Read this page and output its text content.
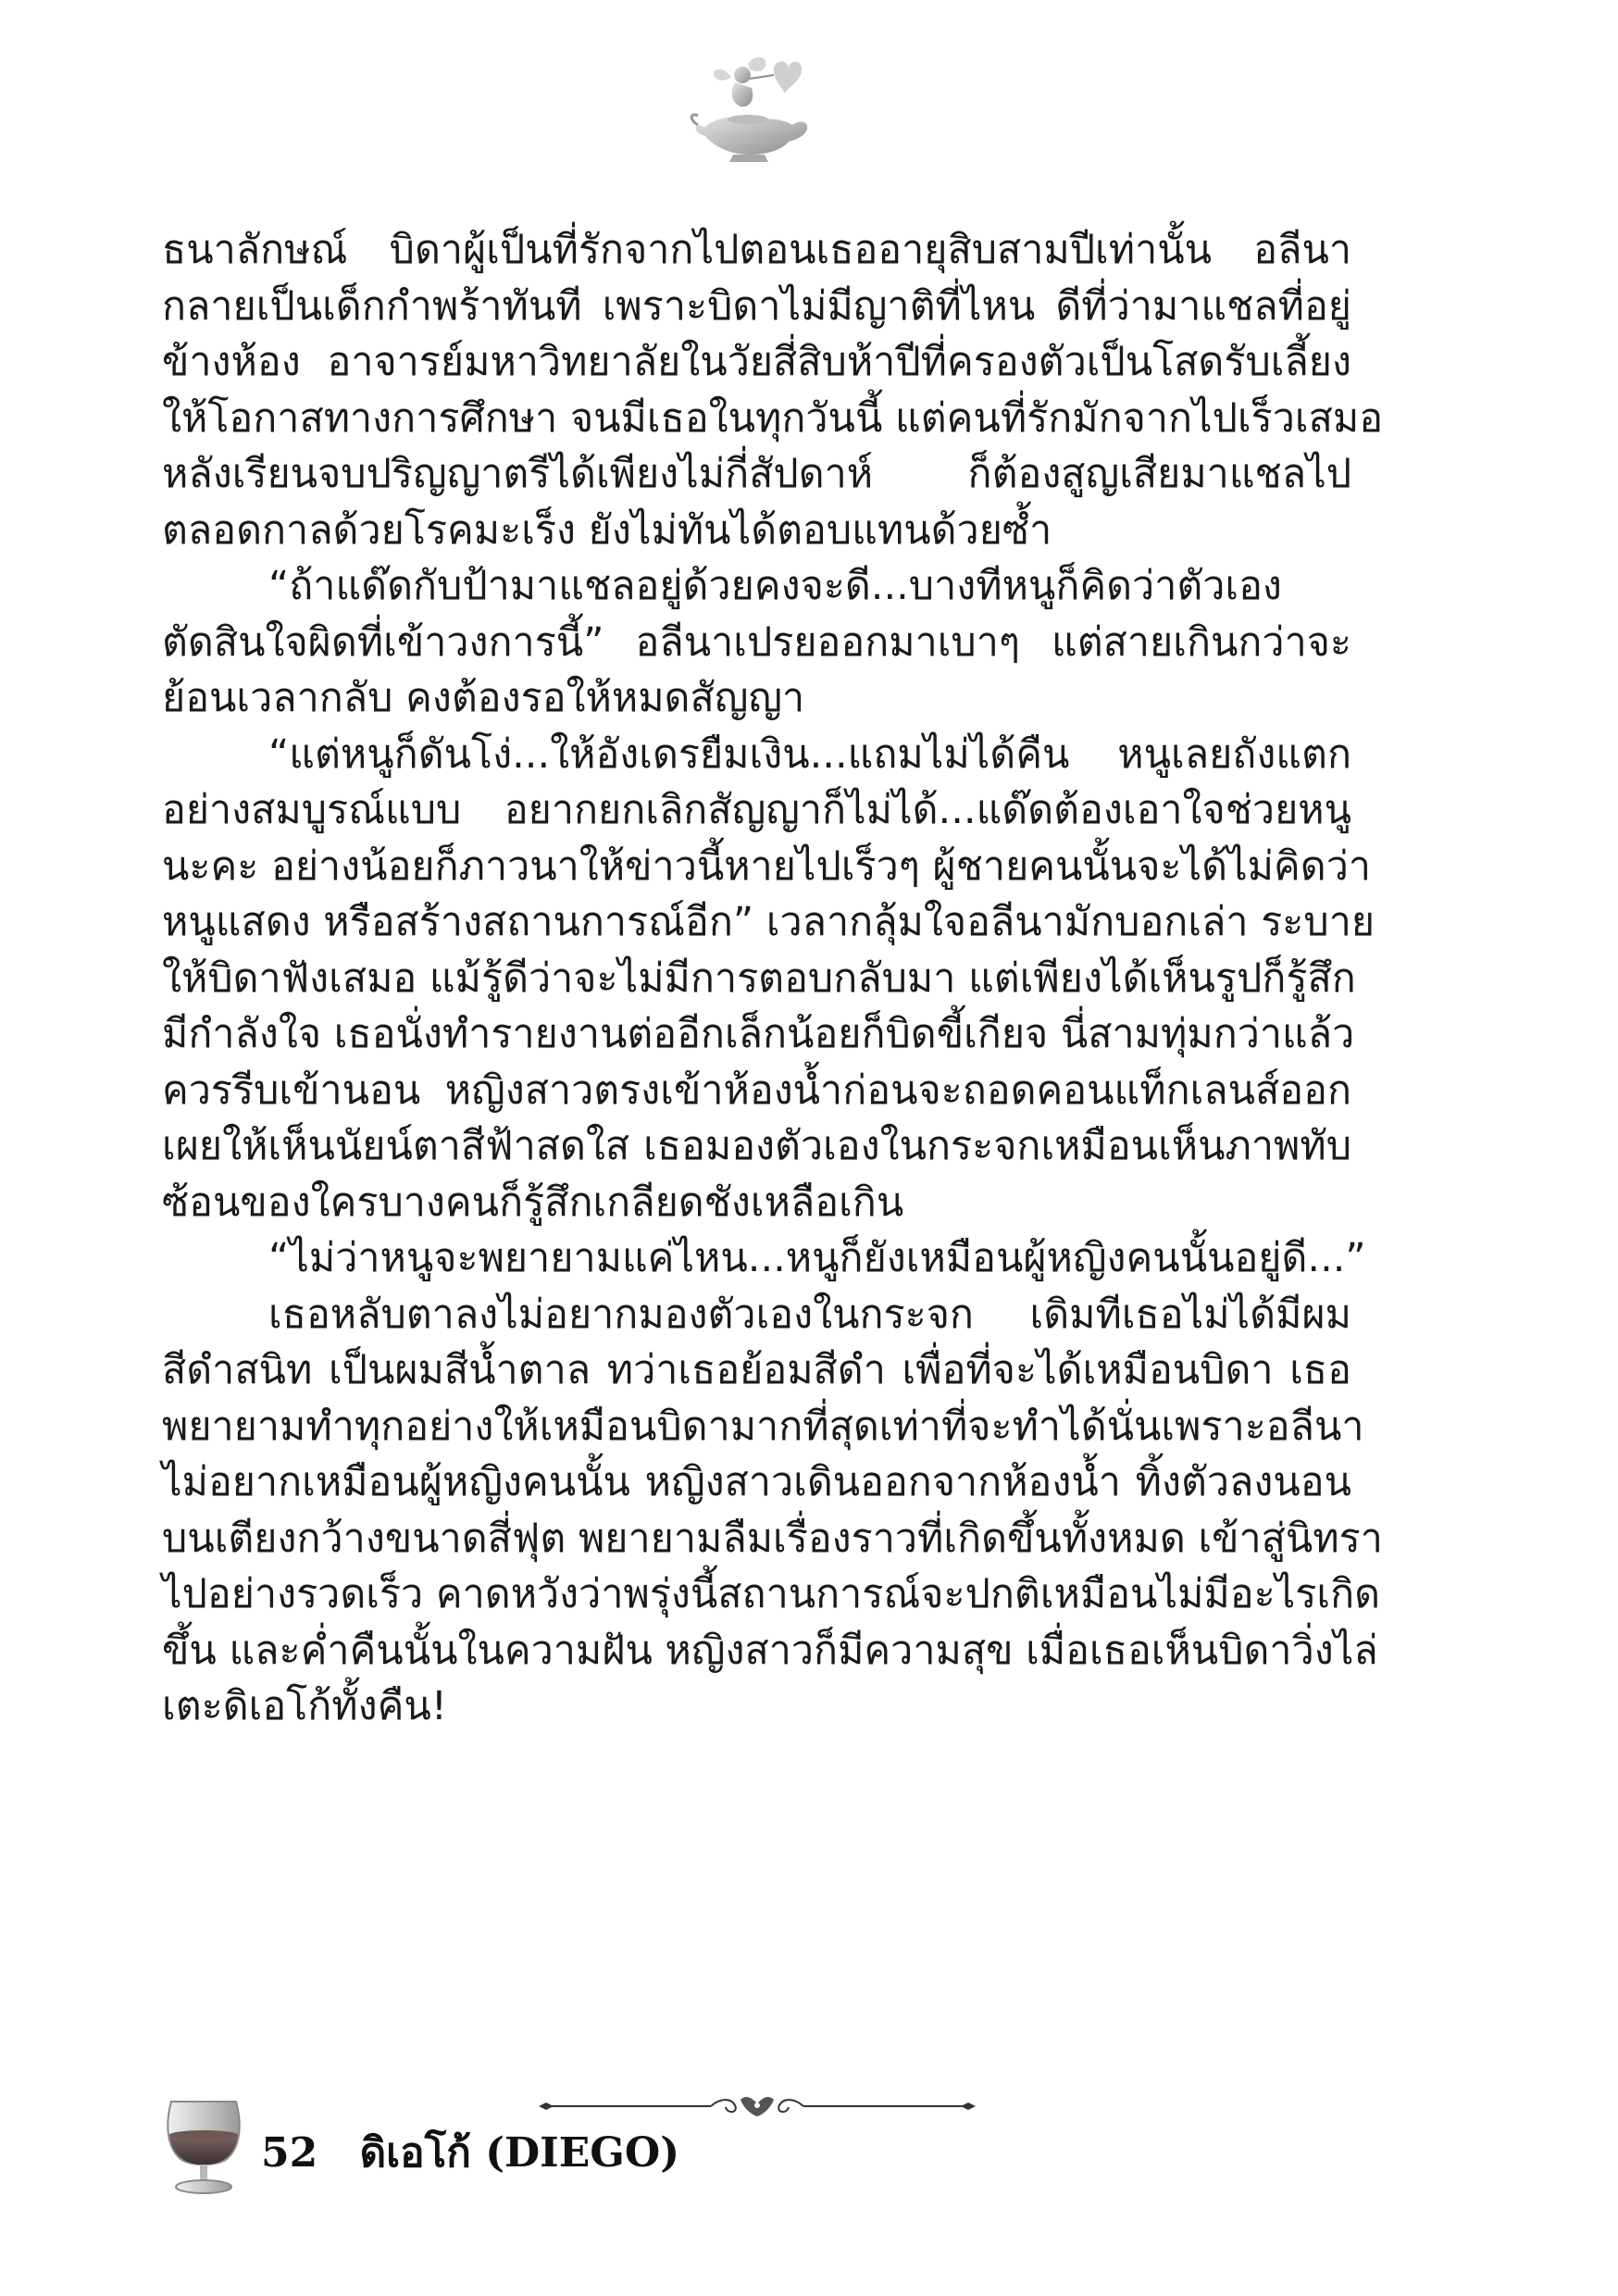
ธนาลักษณ์ บิดาผู้เป็นที่รักจากไปตอนเธออายุสิบสามปีเท่านั้น อลีนา
กลายเป็นเด็กกำพร้าทันที เพราะบิดาไม่มีญาติที่ไหน ดีที่ว่ามาแชลที่อยู่
ข้างห้อง อาจารย์มหาวิทยาลัยในวัยสี่สิบห้าปีที่ครองตัวเป็นโสดรับเลี้ยง
ให้โอกาสทางการศึกษา จนมีเธอในทุกวันนี้ แต่คนที่รักมักจากไปเร็วเสมอ
หลังเรียนจบปริญญาตรีได้เพียงไม่กี่สัปดาห์ ก็ต้องสูญเสียมาแชลไป
ตลอดกาลด้วยโรคมะเร็ง ยังไม่ทันได้ตอบแทนด้วยซ้ำ
“ถ้าแด๊ดกับป้ามาแชลอยู่ด้วยคงจะดี...บางทีหนูก็คิดว่าตัวเอง
ตัดสินใจผิดที่เข้าวงการนี้” อลีนาเปรยออกมาเบาๆ แต่สายเกินกว่าจะ
ย้อนเวลากลับ คงต้องรอให้หมดสัญญา
“แต่หนูก็ดันโง่...ให้อังเดรยืมเงิน...แถมไม่ได้คืน หนูเลยถังแตก
อย่างสมบูรณ์แบบ อยากยกเลิกสัญญาก็ไม่ได้...แด๊ดต้องเอาใจช่วยหนู
นะคะ อย่างน้อยก็ภาวนาให้ข่าวนี้หายไปเร็วๆ ผู้ชายคนนั้นจะได้ไม่คิดว่า
หนูแสดง หรือสร้างสถานการณ์อีก” เวลากลุ้มใจอลีนามักบอกเล่า ระบาย
ให้บิดาฟังเสมอ แม้รู้ดีว่าจะไม่มีการตอบกลับมา แต่เพียงได้เห็นรูปก็รู้สึก
มีกำลังใจ เธอนั่งทำรายงานต่ออีกเล็กน้อยก็บิดขี้เกียจ นี่สามทุ่มกว่าแล้ว
ควรรีบเข้านอน หญิงสาวตรงเข้าห้องน้ำก่อนจะถอดคอนแท็กเลนส์ออก
เผยให้เห็นนัยน์ตาสีฟ้าสดใส เธอมองตัวเองในกระจกเหมือนเห็นภาพทับ
ซ้อนของใครบางคนก็รู้สึกเกลียดชังเหลือเกิน
“ไม่ว่าหนูจะพยายามแค่ไหน...หนูก็ยังเหมือนผู้หญิงคนนั้นอยู่ดี...”
เธอหลับตาลงไม่อยากมองตัวเองในกระจก เดิมทีเธอไม่ได้มีผม
สีดำสนิท เป็นผมสีน้ำตาล ทว่าเธอย้อมสีดำ เพื่อที่จะได้เหมือนบิดา เธอ
พยายามทำทุกอย่างให้เหมือนบิดามากที่สุดเท่าที่จะทำได้นั่นเพราะอลีนา
ไม่อยากเหมือนผู้หญิงคนนั้น หญิงสาวเดินออกจากห้องน้ำ ทิ้งตัวลงนอน
บนเตียงกว้างขนาดสี่ฟุต พยายามลืมเรื่องราวที่เกิดขึ้นทั้งหมด เข้าสู่นิทรา
ไปอย่างรวดเร็ว คาดหวังว่าพรุ่งนี้สถานการณ์จะปกติเหมือนไม่มีอะไรเกิด
ขึ้น และค่ำคืนนั้นในความฝัน หญิงสาวก็มีความสุข เมื่อเธอเห็นบิดาวิ่งไล่
เตะดิเอโก้ทั้งคืน!
52 ดิเอโก้ (DIEGO)
